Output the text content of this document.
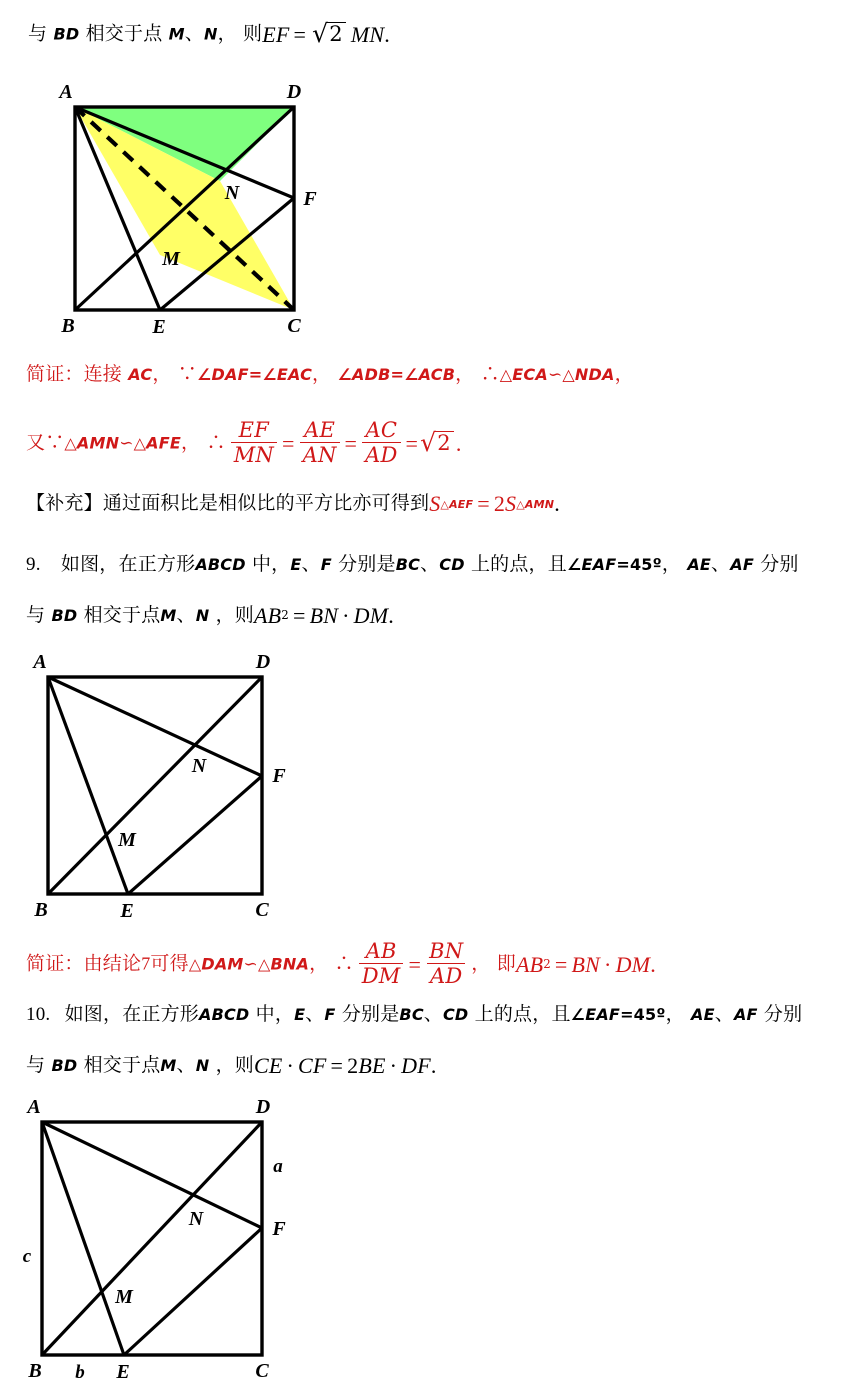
与 BD 相交于点 M、N， 则 EF = √ 2 MN .
A	D
B	E	C
F
N
M
简证：连接 AC， ∵∠DAF=∠EAC， ∠ADB=∠ACB， ∴△ECA∽△NDA，
又∵△AMN∽△AFE， ∴ $\frac{EF}{MN} = \frac{AE}{AN} = \frac{AC}{AD}$ = √ 2 .
【补充】通过面积比是相似比的平方比亦可得到 S △AEF = 2 S △AMN .
9. 如图，在正方形ABCD 中，E、F 分别是BC、CD 上的点，且∠EAF=45º， AE、AF 分别
与 BD 相交于点M、N ，则 AB 2 = BN · DM .
A	D
B	E	C
F
N
M
简证：由结论7可得△DAM∽△BNA， ∴ $\frac{AB}{DM} = \frac{BN}{AD}$ ， 即 AB 2 = BN · DM .
10. 如图，在正方形ABCD 中，E、F 分别是BC、CD 上的点，且∠EAF=45º， AE、AF 分别
与 BD 相交于点M、N ，则 CE · CF = 2 BE · DF .
A	D
B	E	C
F
N
M
a
b
c
